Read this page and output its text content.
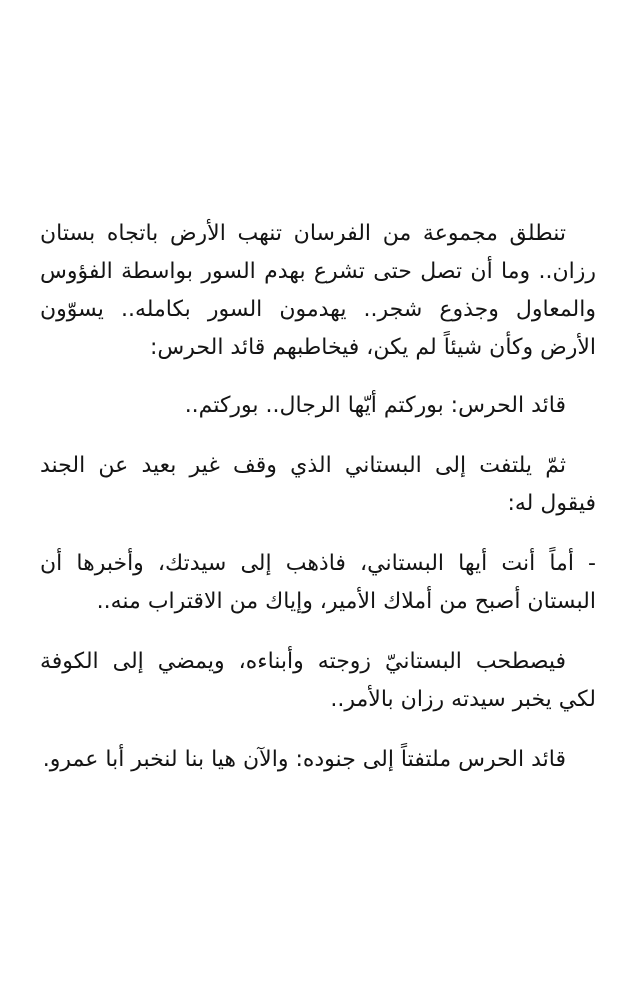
تنطلق مجموعة من الفرسان تنهب الأرض باتجاه بستان رزان.. وما أن تصل حتى تشرع بهدم السور بواسطة الفؤوس والمعاول وجذوع شجر.. يهدمون السور بكامله.. يسوّون الأرض وكأن شيئاً لم يكن، فيخاطبهم قائد الحرس:

قائد الحرس: بوركتم أيّها الرجال.. بوركتم..

ثمّ يلتفت إلى البستاني الذي وقف غير بعيد عن الجند فيقول له:

- أماً أنت أيها البستاني، فاذهب إلى سيدتك، وأخبرها أن البستان أصبح من أملاك الأمير، وإياك من الاقتراب منه..

فيصطحب البستانيّ زوجته وأبناءه، ويمضي إلى الكوفة لكي يخبر سيدته رزان بالأمر..

قائد الحرس ملتفتاً إلى جنوده: والآن هيا بنا لنخبر أبا عمرو.
